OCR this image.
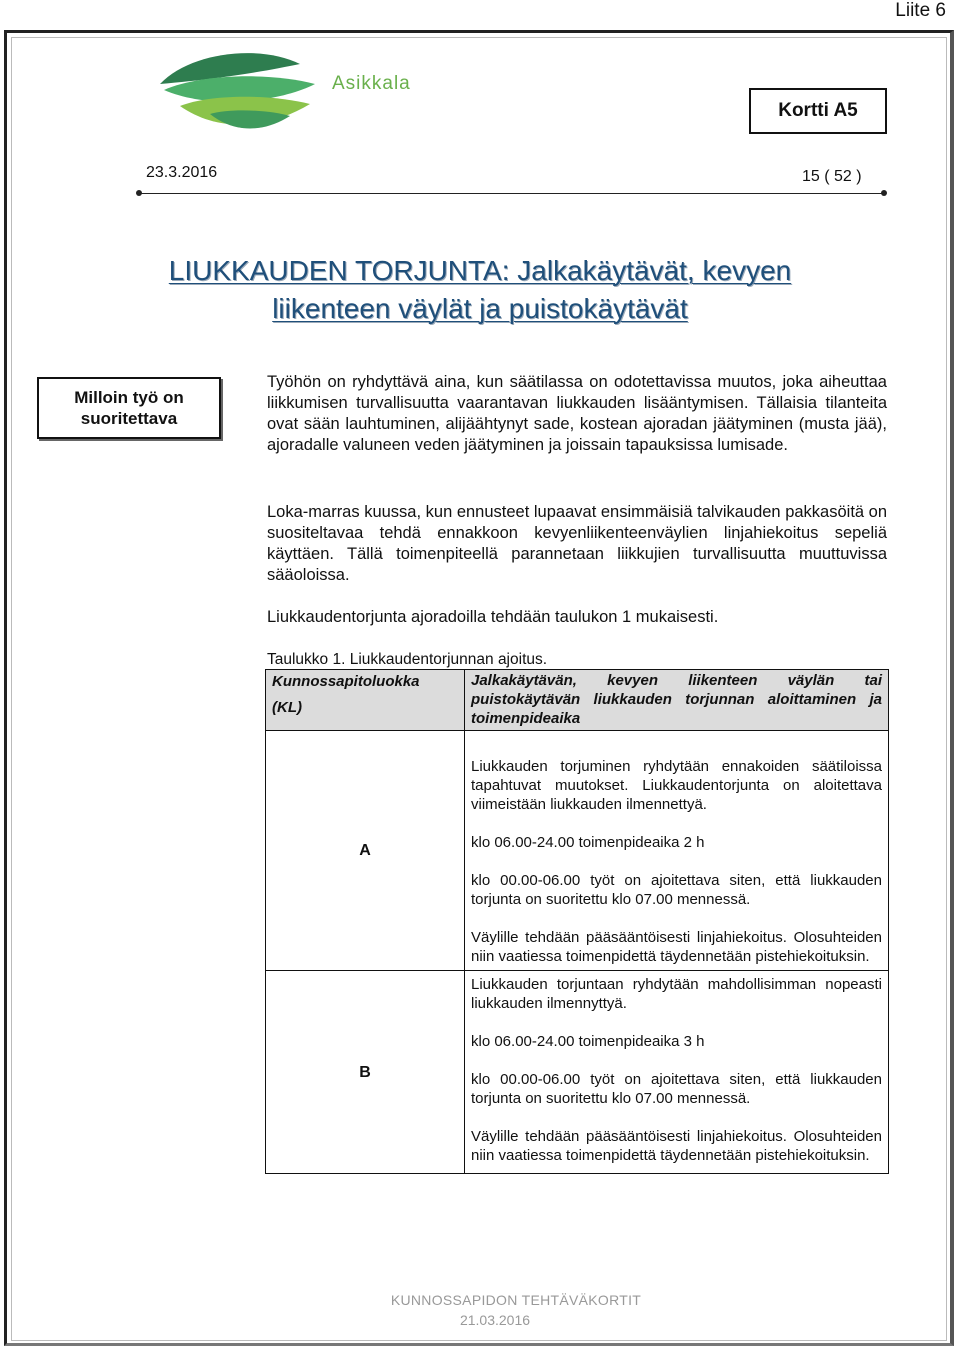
Liite 6
Asikkala
Kortti A5
23.3.2016	15 ( 52 )
LIUKKAUDEN TORJUNTA: Jalkakäytävät, kevyen
liikenteen väylät ja puistokäytävät
Milloin työ on
suoritettava
Työhön on ryhdyttävä aina, kun säätilassa on odotettavissa muutos, joka aiheuttaa liikkumisen turvallisuutta vaarantavan liukkauden lisääntymisen. Tällaisia tilanteita ovat sään lauhtuminen, alijäähtynyt sade, kostean ajoradan jäätyminen (musta jää), ajoradalle valuneen veden jäätyminen ja joissain tapauksissa lumisade.
Loka-marras kuussa, kun ennusteet lupaavat ensimmäisiä talvikauden pakkasöitä on suositeltavaa tehdä ennakkoon kevyenliikenteenväylien linjahiekoitus sepeliä käyttäen. Tällä toimenpiteellä parannetaan liikkujien turvallisuutta muuttuvissa sääoloissa.
Liukkaudentorjunta ajoradoilla tehdään taulukon 1 mukaisesti.
Taulukko 1. Liukkaudentorjunnan ajoitus.
Kunnossapitoluokka
(KL)	Jalkakäytävän, kevyen liikenteen väylän tai puistokäytävän liukkauden torjunnan aloittaminen ja toimenpideaika
A	Liukkauden torjuminen ryhdytään ennakoiden säätiloissa tapahtuvat muutokset. Liukkaudentorjunta on aloitettava viimeistään liukkauden ilmennettyä.

klo 06.00-24.00 toimenpideaika 2 h

klo 00.00-06.00 työt on ajoitettava siten, että liukkauden torjunta on suoritettu klo 07.00 mennessä.

Väylille tehdään pääsääntöisesti linjahiekoitus. Olosuhteiden niin vaatiessa toimenpidettä täydennetään pistehiekoituksin.

B	Liukkauden torjuntaan ryhdytään mahdollisimman nopeasti liukkauden ilmennyttyä.

klo 06.00-24.00 toimenpideaika 3 h

klo 00.00-06.00 työt on ajoitettava siten, että liukkauden torjunta on suoritettu klo 07.00 mennessä.

Väylille tehdään pääsääntöisesti linjahiekoitus. Olosuhteiden niin vaatiessa toimenpidettä täydennetään pistehiekoituksin.

KUNNOSSAPIDON TEHTÄVÄKORTIT
21.03.2016
